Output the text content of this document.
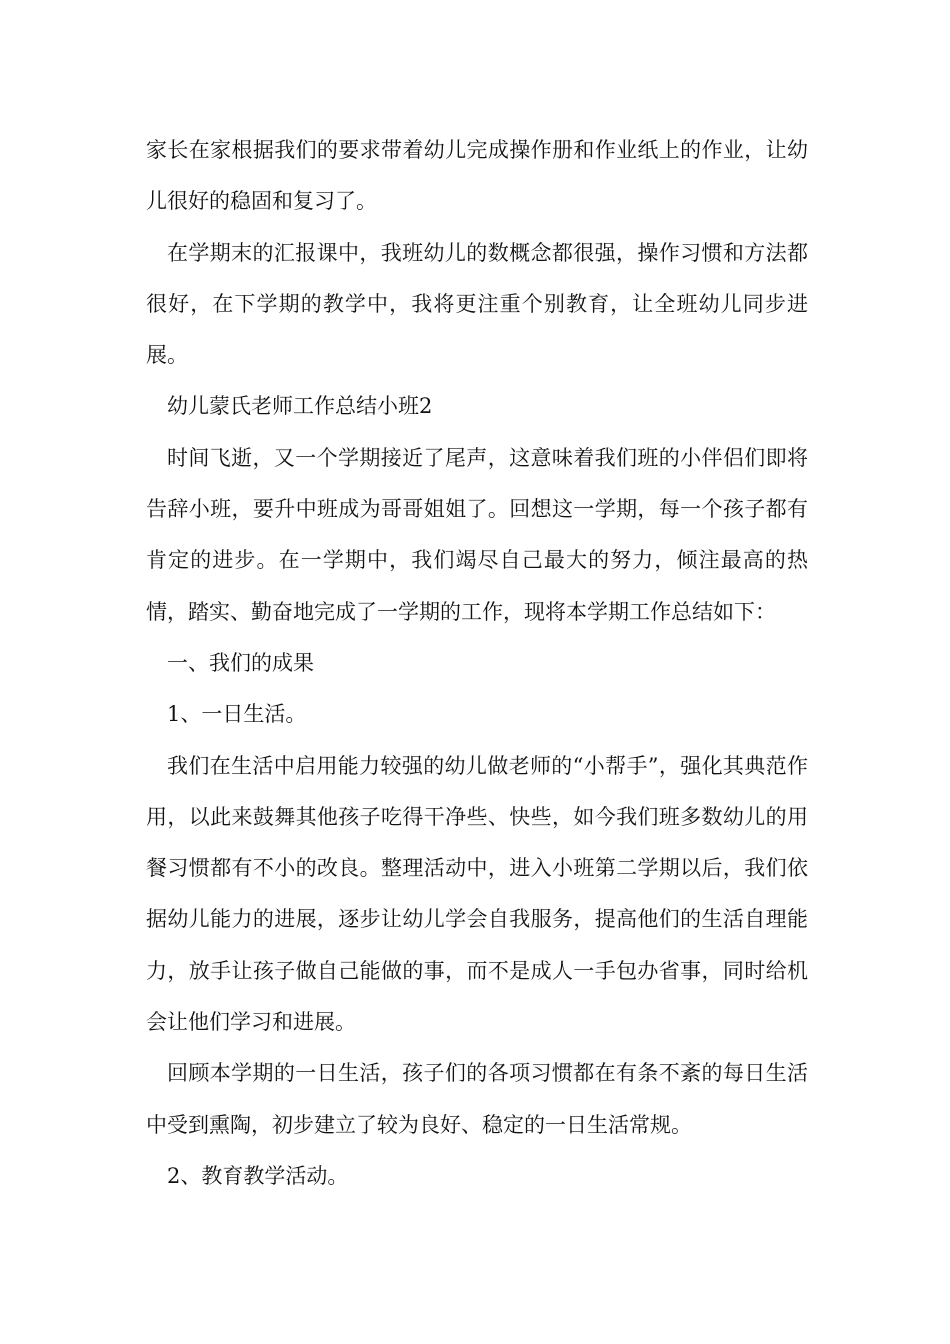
家长在家根据我们的要求带着幼儿完成操作册和作业纸上的作业，让幼儿很好的稳固和复习了。

在学期末的汇报课中，我班幼儿的数概念都很强，操作习惯和方法都很好，在下学期的教学中，我将更注重个别教育，让全班幼儿同步进展。

幼儿蒙氏老师工作总结小班2

时间飞逝，又一个学期接近了尾声，这意味着我们班的小伴侣们即将告辞小班，要升中班成为哥哥姐姐了。回想这一学期，每一个孩子都有肯定的进步。在一学期中，我们竭尽自己最大的努力，倾注最高的热情，踏实、勤奋地完成了一学期的工作，现将本学期工作总结如下：

一、我们的成果

1、一日生活。

我们在生活中启用能力较强的幼儿做老师的“小帮手”，强化其典范作用，以此来鼓舞其他孩子吃得干净些、快些，如今我们班多数幼儿的用餐习惯都有不小的改良。整理活动中，进入小班第二学期以后，我们依据幼儿能力的进展，逐步让幼儿学会自我服务，提高他们的生活自理能力，放手让孩子做自己能做的事，而不是成人一手包办省事，同时给机会让他们学习和进展。

回顾本学期的一日生活，孩子们的各项习惯都在有条不紊的每日生活中受到熏陶，初步建立了较为良好、稳定的一日生活常规。

2、教育教学活动。
